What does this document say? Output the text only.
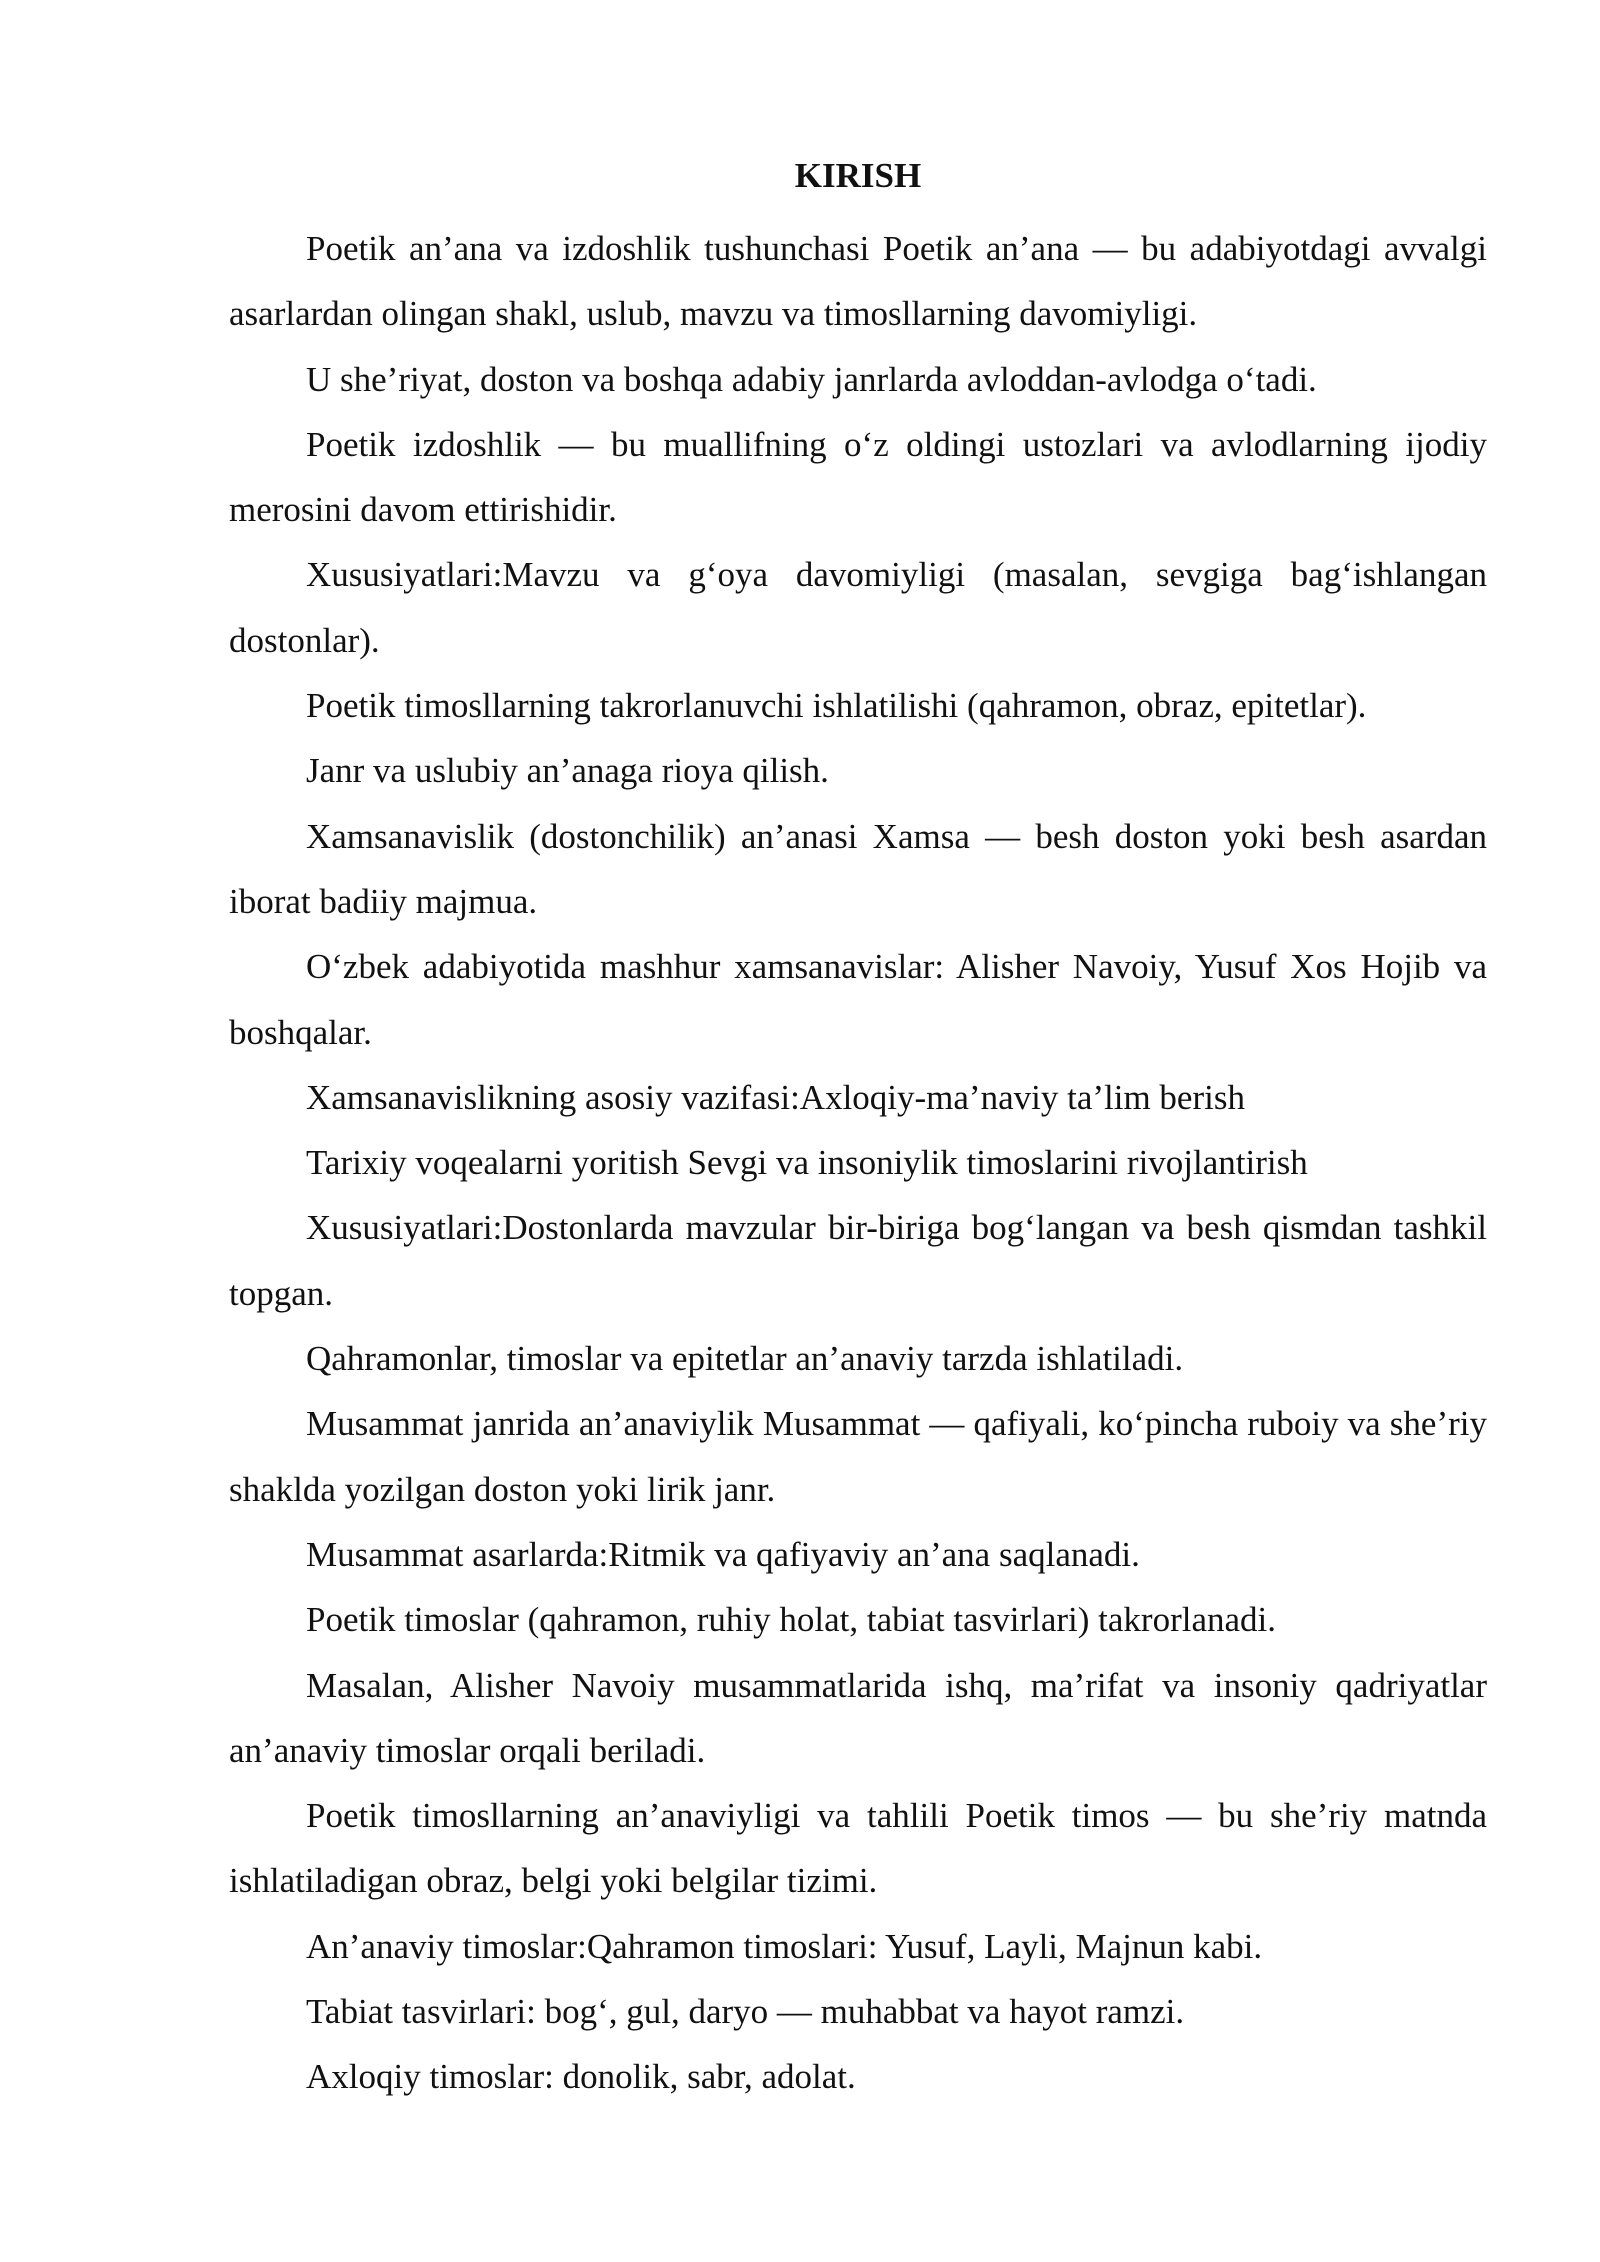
KIRISH

Poetik an’ana va izdoshlik tushunchasi Poetik an’ana — bu adabiyotdagi avvalgi asarlardan olingan shakl, uslub, mavzu va timosllarning davomiyligi.

U she’riyat, doston va boshqa adabiy janrlarda avloddan-avlodga o‘tadi.

Poetik izdoshlik — bu muallifning o‘z oldingi ustozlari va avlodlarning ijodiy merosini davom ettirishidir.

Xususiyatlari:Mavzu va g‘oya davomiyligi (masalan, sevgiga bag‘ishlangan dostonlar).

Poetik timosllarning takrorlanuvchi ishlatilishi (qahramon, obraz, epitetlar).

Janr va uslubiy an’anaga rioya qilish.

Xamsanavislik (dostonchilik) an’anasi Xamsa — besh doston yoki besh asardan iborat badiiy majmua.

O‘zbek adabiyotida mashhur xamsanavislar: Alisher Navoiy, Yusuf Xos Hojib va boshqalar.

Xamsanavislikning asosiy vazifasi:Axloqiy-ma’naviy ta’lim berish

Tarixiy voqealarni yoritish Sevgi va insoniylik timoslarini rivojlantirish

Xususiyatlari:Dostonlarda mavzular bir-biriga bog‘langan va besh qismdan tashkil topgan.

Qahramonlar, timoslar va epitetlar an’anaviy tarzda ishlatiladi.

Musammat janrida an’anaviylik Musammat — qafiyali, ko‘pincha ruboiy va she’riy shaklda yozilgan doston yoki lirik janr.

Musammat asarlarda:Ritmik va qafiyaviy an’ana saqlanadi.

Poetik timoslar (qahramon, ruhiy holat, tabiat tasvirlari) takrorlanadi.

Masalan, Alisher Navoiy musammatlarida ishq, ma’rifat va insoniy qadriyatlar an’anaviy timoslar orqali beriladi.

Poetik timosllarning an’anaviyligi va tahlili Poetik timos — bu she’riy matnda ishlatiladigan obraz, belgi yoki belgilar tizimi.

An’anaviy timoslar:Qahramon timoslari: Yusuf, Layli, Majnun kabi.

Tabiat tasvirlari: bog‘, gul, daryo — muhabbat va hayot ramzi.

Axloqiy timoslar: donolik, sabr, adolat.
